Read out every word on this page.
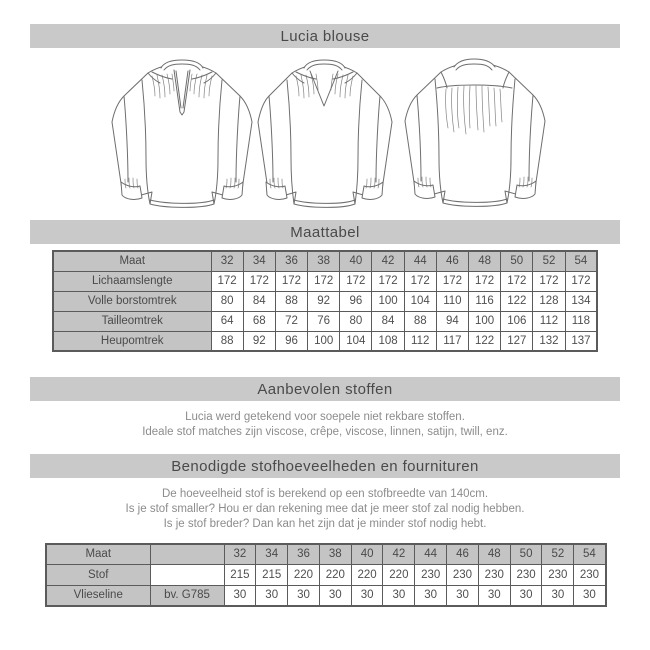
Lucia blouse
Maattabel
Maat	32	34	36	38	40	42	44	46	48	50	52	54
Lichaamslengte	172	172	172	172	172	172	172	172	172	172	172	172
Volle borstomtrek	80	84	88	92	96	100	104	110	116	122	128	134
Tailleomtrek	64	68	72	76	80	84	88	94	100	106	112	118
Heupomtrek	88	92	96	100	104	108	112	117	122	127	132	137
Aanbevolen stoffen
Lucia werd getekend voor soepele niet rekbare stoffen.
Ideale stof matches zijn viscose, crêpe, viscose, linnen, satijn, twill, enz.
Benodigde stofhoeveelheden en fournituren
De hoeveelheid stof is berekend op een stofbreedte van 140cm.
Is je stof smaller? Hou er dan rekening mee dat je meer stof zal nodig hebben.
Is je stof breder? Dan kan het zijn dat je minder stof nodig hebt.
Maat		32	34	36	38	40	42	44	46	48	50	52	54
Stof		215	215	220	220	220	220	230	230	230	230	230	230
Vlieseline	bv. G785	30	30	30	30	30	30	30	30	30	30	30	30
